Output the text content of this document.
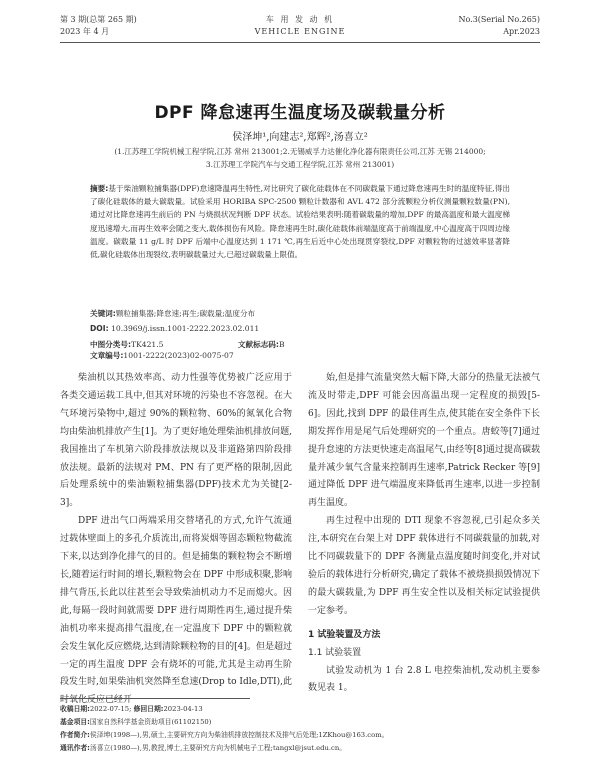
第 3 期(总第 265 期)	车 用 发 动 机	No.3(Serial No.265)
2023 年 4 月	VEHICLE ENGINE	Apr.2023
DPF 降怠速再生温度场及碳载量分析
侯泽坤¹,向建志²,郑辉²,汤喜立²
(1.江苏理工学院机械工程学院,江苏 常州 213001;2.无锡威孚力达催化净化器有限责任公司,江苏 无锡 214000;
3.江苏理工学院汽车与交通工程学院,江苏 常州 213001)
摘要:基于柴油颗粒捕集器(DPF)怠速降温再生特性,对比研究了碳化硅载体在不同碳载量下通过降怠速再生时的温度特征,得出了碳化硅载体的最大碳载量。试验采用 HORIBA SPC-2500 颗粒计数器和 AVL 472 部分流颗粒分析仪测量颗粒数量(PN),通过对比降怠速再生前后的 PN 与烧损状况判断 DPF 状态。试验结果表明:随着碳载量的增加,DPF 的最高温度和最大温度梯度迅速增大,而再生效率会随之变大,载体损伤有风险。降怠速再生时,碳化硅载体前端温度高于前端温度,中心温度高于四周边缘温度。碳载量 11 g/L 时 DPF 后端中心温度达到 1 171 ℃,再生后近中心处出现贯穿裂纹,DPF 对颗粒物的过滤效率显著降低,碳化硅载体出现裂纹,表明碳载量过大,已超过碳载量上限值。
关键词:颗粒捕集器;降怠速;再生;碳载量;温度分布
DOI: 10.3969/j.issn.1001-2222.2023.02.011
中图分类号:TK421.5	文献标志码:B 文章编号:1001-2222(2023)02-0075-07

柴油机以其热效率高、动力性强等优势被广泛应用于各类交通运载工具中,但其对环境的污染也不容忽视。在大气环境污染物中,超过 90%的颗粒物、60%的氮氧化合物均由柴油机排放产生[1]。为了更好地处理柴油机排放问题,我国推出了车机第六阶段排放法规以及非道路第四阶段排放法规。最新的法规对 PM、PN 有了更严格的限制,因此后处理系统中的柴油颗粒捕集器(DPF)技术尤为关键[2-3]。

DPF 进出气口两端采用交替堵孔的方式,允许气流通过载体壁面上的多孔介质流出,而将炭烟等固态颗粒物截流下来,以达到净化排气的目的。但是捕集的颗粒物会不断增长,随着运行时间的增长,颗粒物会在 DPF 中形成积聚,影响排气背压,长此以往甚至会导致柴油机动力不足而熄火。因此,每隔一段时间就需要 DPF 进行周期性再生,通过提升柴油机功率来提高排气温度,在一定温度下 DPF 中的颗粒就会发生氧化反应燃烧,达到清除颗粒物的目的[4]。但是超过一定的再生温度 DPF 会有烧坏的可能,尤其是主动再生阶段发生时,如果柴油机突然降至怠速(Drop to Idle,DTI),此时氧化反应已经开

始,但是排气流量突然大幅下降,大部分的热量无法被气流及时带走,DPF 可能会因高温出现一定程度的损毁[5-6]。因此,找到 DPF 的最佳再生点,使其能在安全条件下长期发挥作用是尾气后处理研究的一个重点。唐蛟等[7]通过提升怠速的方法更快速走高温尾气,由经等[8]通过提高碳载量并减少氧气含量来控制再生速率,Patrick Recker 等[9]通过降低 DPF 进气端温度来降低再生速率,以进一步控制再生温度。

再生过程中出现的 DTI 现象不容忽视,已引起众多关注,本研究在台架上对 DPF 载体进行不同碳载量的加载,对比不同碳载量下的 DPF 各测量点温度随时间变化,并对试验后的载体进行分析研究,确定了载体不被烧损损毁情况下的最大碳载量,为 DPF 再生安全性以及相关标定试验提供一定参考。

1 试验装置及方法

1.1 试验装置

试验发动机为 1 台 2.8 L 电控柴油机,发动机主要参数见表 1。

收稿日期:2022-07-15; 修回日期:2023-04-13
基金项目:国家自然科学基金资助项目(61102150)
作者简介:侯泽坤(1998—),男,硕士,主要研究方向为柴油机排放控制技术及排气后处理;1ZKhou@163.com。
通讯作者:汤喜立(1980—),男,教授,博士,主要研究方向为机械电子工程;tangxl@jsut.edu.cn。
